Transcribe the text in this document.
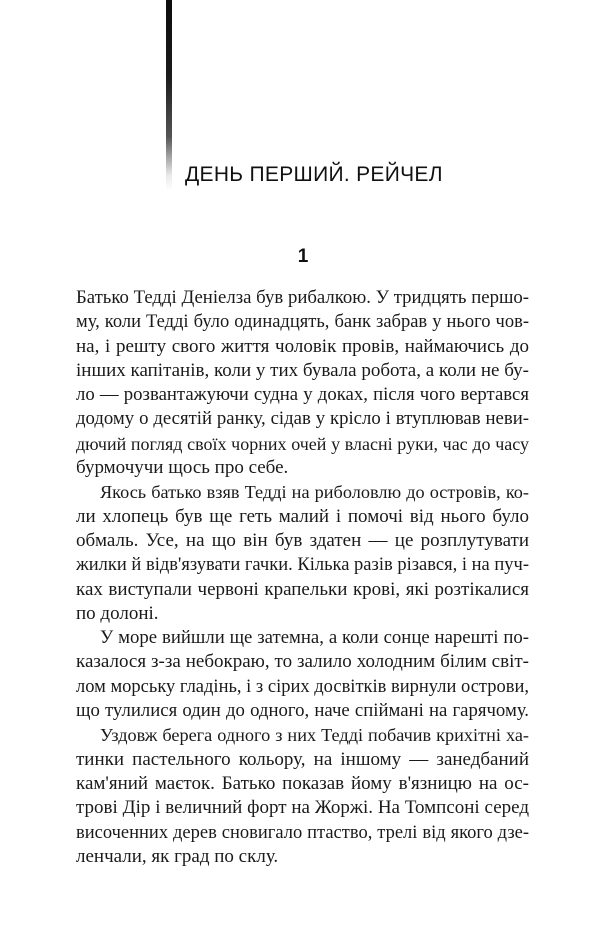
ДЕНЬ ПЕРШИЙ. РЕЙЧЕЛ
1

Батько Тедді Деніелза був рибалкою. У тридцять першо-
му, коли Тедді було одинадцять, банк забрав у нього чов-
на, і решту свого життя чоловік провів, наймаючись до
інших капітанів, коли у тих бувала робота, а коли не бу-
ло — розвантажуючи судна у доках, після чого вертався
додому о десятій ранку, сідав у крісло і втуплював неви-
дючий погляд своїх чорних очей у власні руки, час до часу
бурмочучи щось про себе.

Якось батько взяв Тедді на риболовлю до островів, ко-
ли хлопець був ще геть малий і помочі від нього було
обмаль. Усе, на що він був здатен — це розплутувати
жилки й відв'язувати гачки. Кілька разів різався, і на пуч-
ках виступали червоні крапельки крові, які розтікалися
по долоні.

У море вийшли ще затемна, а коли сонце нарешті по-
казалося з-за небокраю, то залило холодним білим світ-
лом морську гладінь, і з сірих досвітків вирнули острови,
що тулилися один до одного, наче спіймані на гарячому.

Уздовж берега одного з них Тедді побачив крихітні ха-
тинки пастельного кольору, на іншому — занедбаний
кам'яний маєток. Батько показав йому в'язницю на ос-
трові Дір і величний форт на Жоржі. На Томпсоні серед
височенних дерев сновигало птаство, трелі від якого дзе-
ленчали, як град по склу.
